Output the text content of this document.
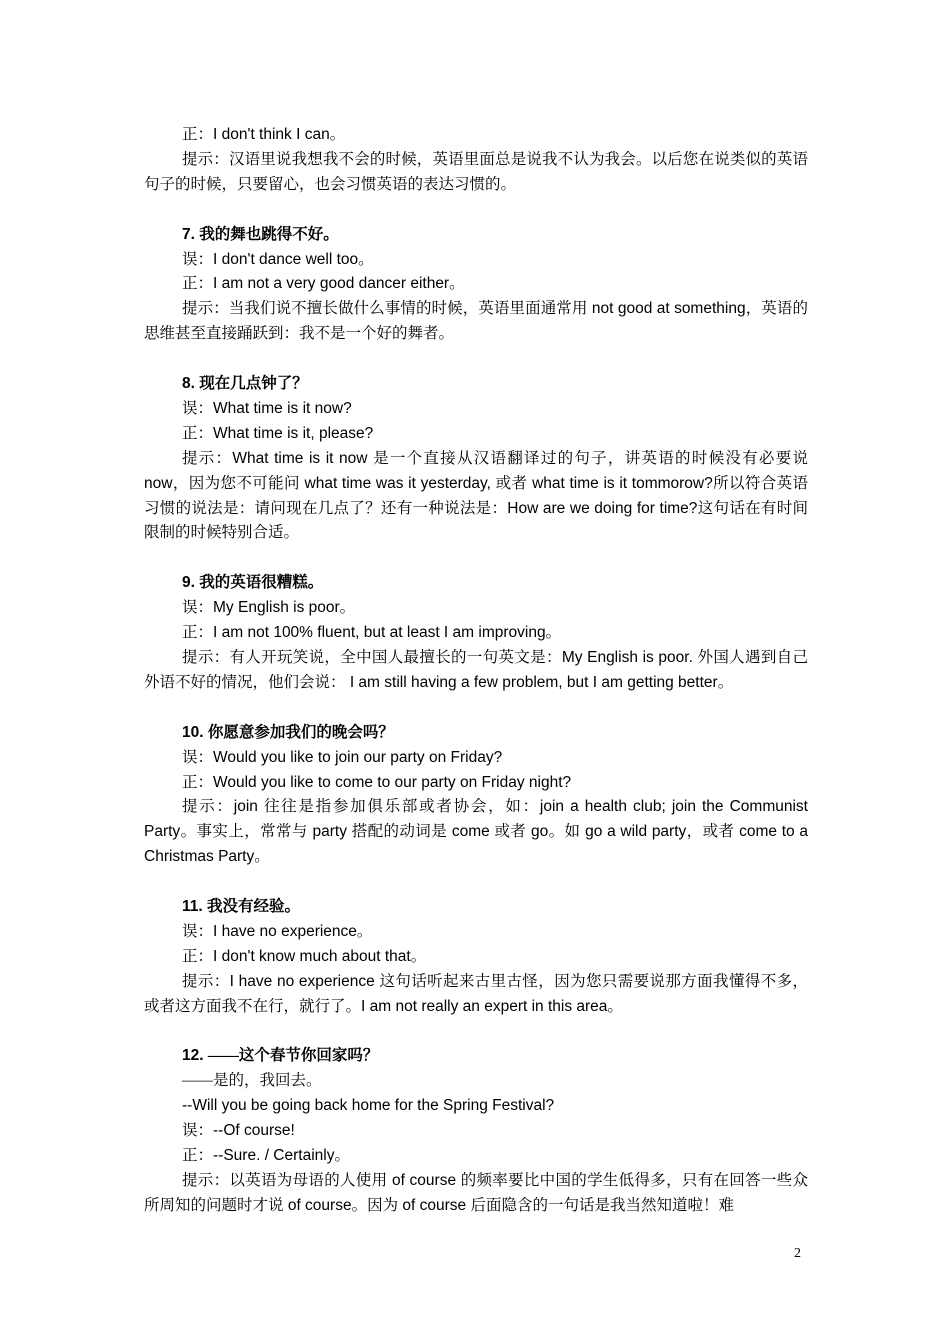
正：I don't think I can。

提示：汉语里说我想我不会的时候，英语里面总是说我不认为我会。以后您在说类似的英语句子的时候，只要留心，也会习惯英语的表达习惯的。

7. 我的舞也跳得不好。

误：I don't dance well too。

正：I am not a very good dancer either。

提示：当我们说不擅长做什么事情的时候，英语里面通常用 not good at something，英语的思维甚至直接踊跃到：我不是一个好的舞者。

8. 现在几点钟了？

误：What time is it now?

正：What time is it, please?

提示：What time is it now 是一个直接从汉语翻译过的句子，讲英语的时候没有必要说 now，因为您不可能问 what time was it yesterday, 或者 what time is it tommorow?所以符合英语习惯的说法是：请问现在几点了？还有一种说法是：How are we doing for time?这句话在有时间限制的时候特别合适。

9. 我的英语很糟糕。

误：My English is poor。

正：I am not 100% fluent, but at least I am improving。

提示：有人开玩笑说，全中国人最擅长的一句英文是：My English is poor. 外国人遇到自己外语不好的情况，他们会说： I am still having a few problem, but I am getting better。

10. 你愿意参加我们的晚会吗？

误：Would you like to join our party on Friday?

正：Would you like to come to our party on Friday night?

提示：join 往往是指参加俱乐部或者协会，如：join a health club; join the Communist Party。事实上，常常与 party 搭配的动词是 come 或者 go。如 go a wild party，或者 come to a Christmas Party。

11. 我没有经验。

误：I have no experience。

正：I don't know much about that。

提示：I have no experience 这句话听起来古里古怪，因为您只需要说那方面我懂得不多，或者这方面我不在行，就行了。I am not really an expert in this area。

12. ——这个春节你回家吗？

——是的，我回去。

--Will you be going back home for the Spring Festival?

误：--Of course!

正：--Sure. / Certainly。

提示：以英语为母语的人使用 of course 的频率要比中国的学生低得多，只有在回答一些众所周知的问题时才说 of course。因为 of course 后面隐含的一句话是我当然知道啦！难

2
